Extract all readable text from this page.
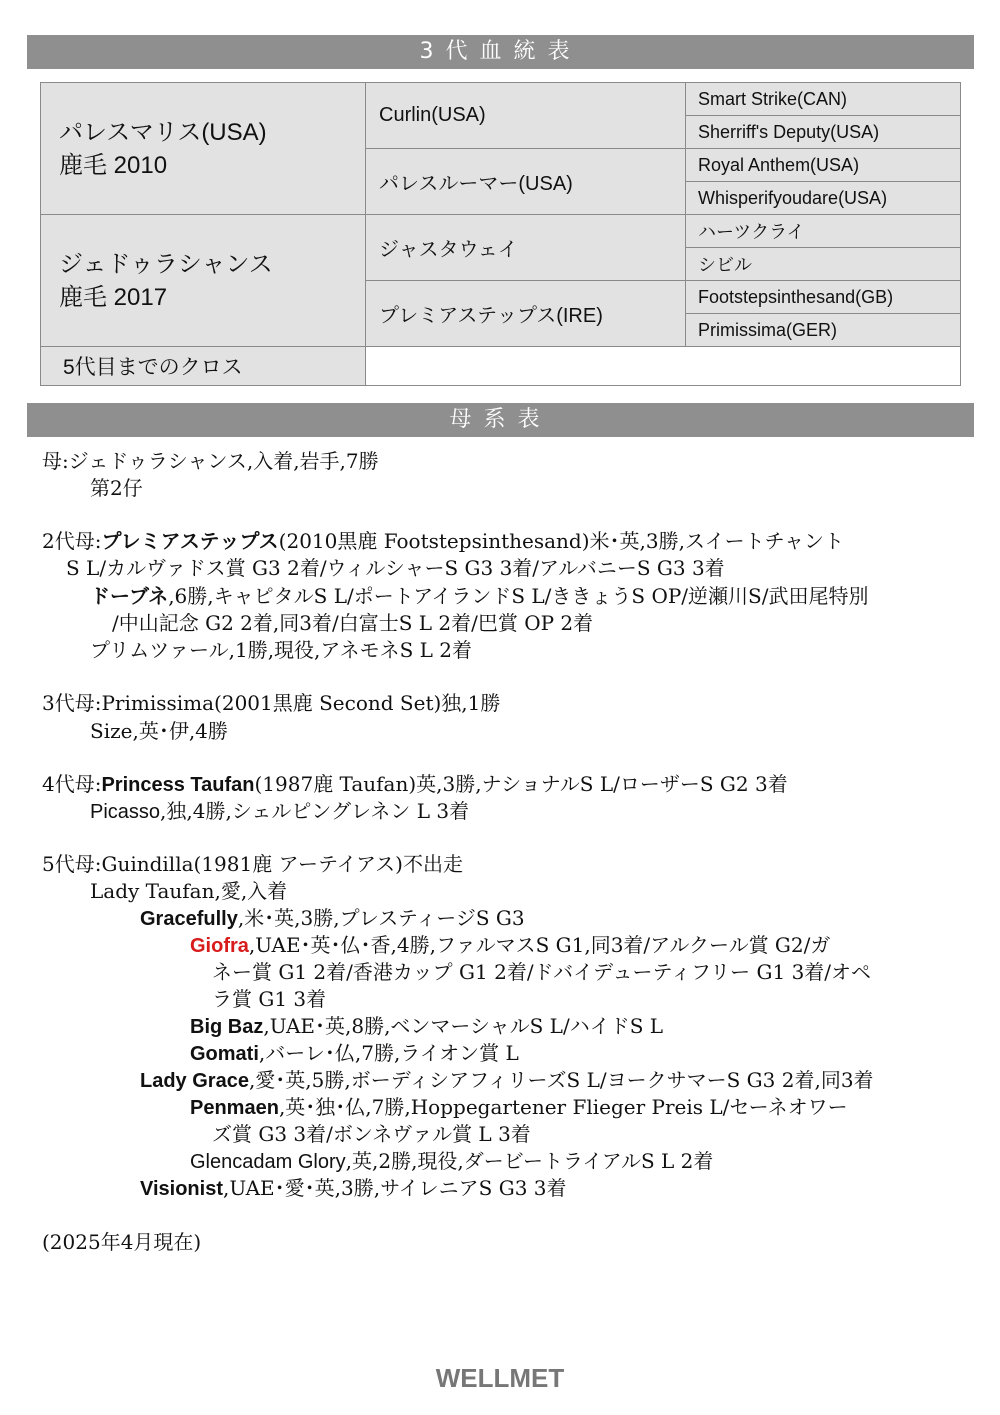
3代血統表
パレスマリス(USA)
鹿毛 2010	Curlin(USA)	Smart Strike(CAN)
		Sherriff's Deputy(USA)
	パレスルーマー(USA)	Royal Anthem(USA)
		Whisperifyoudare(USA)

ジェドゥラシャンス
鹿毛 2017	ジャスタウェイ	ハーツクライ
		シビル
	プレミアステップス(IRE)	Footstepsinthesand(GB)
		Primissima(GER)
5代目までのクロス		
母系表
母:ジェドゥラシャンス,入着,岩手,7勝
第2仔
2代母:プレミアステップス(2010黒鹿 Footstepsinthesand)米･英,3勝,スイートチャント
S L/カルヴァドス賞 G3 2着/ウィルシャーS G3 3着/アルバニーS G3 3着
ドーブネ,6勝,キャピタルS L/ポートアイランドS L/ききょうS OP/逆瀬川S/武田尾特別
/中山記念 G2 2着,同3着/白富士S L 2着/巴賞 OP 2着
プリムツァール,1勝,現役,アネモネS L 2着
3代母:Primissima(2001黒鹿 Second Set)独,1勝
Size,英･伊,4勝
4代母:Princess Taufan(1987鹿 Taufan)英,3勝,ナショナルS L/ローザーS G2 3着
Picasso,独,4勝,シェルピングレネン L 3着
5代母:Guindilla(1981鹿 アーテイアス)不出走
Lady Taufan,愛,入着
Gracefully,米･英,3勝,プレスティージS G3
Giofra,UAE･英･仏･香,4勝,ファルマスS G1,同3着/アルクール賞 G2/ガ
ネー賞 G1 2着/香港カップ G1 2着/ドバイデューティフリー G1 3着/オペ
ラ賞 G1 3着
Big Baz,UAE･英,8勝,ベンマーシャルS L/ハイドS L
Gomati,バーレ･仏,7勝,ライオン賞 L
Lady Grace,愛･英,5勝,ボーディシアフィリーズS L/ヨークサマーS G3 2着,同3着
Penmaen,英･独･仏,7勝,Hoppegartener Flieger Preis L/セーネオワー
ズ賞 G3 3着/ボンネヴァル賞 L 3着
Glencadam Glory,英,2勝,現役,ダービートライアルS L 2着
Visionist,UAE･愛･英,3勝,サイレニアS G3 3着
(2025年4月現在)
WELLMET
